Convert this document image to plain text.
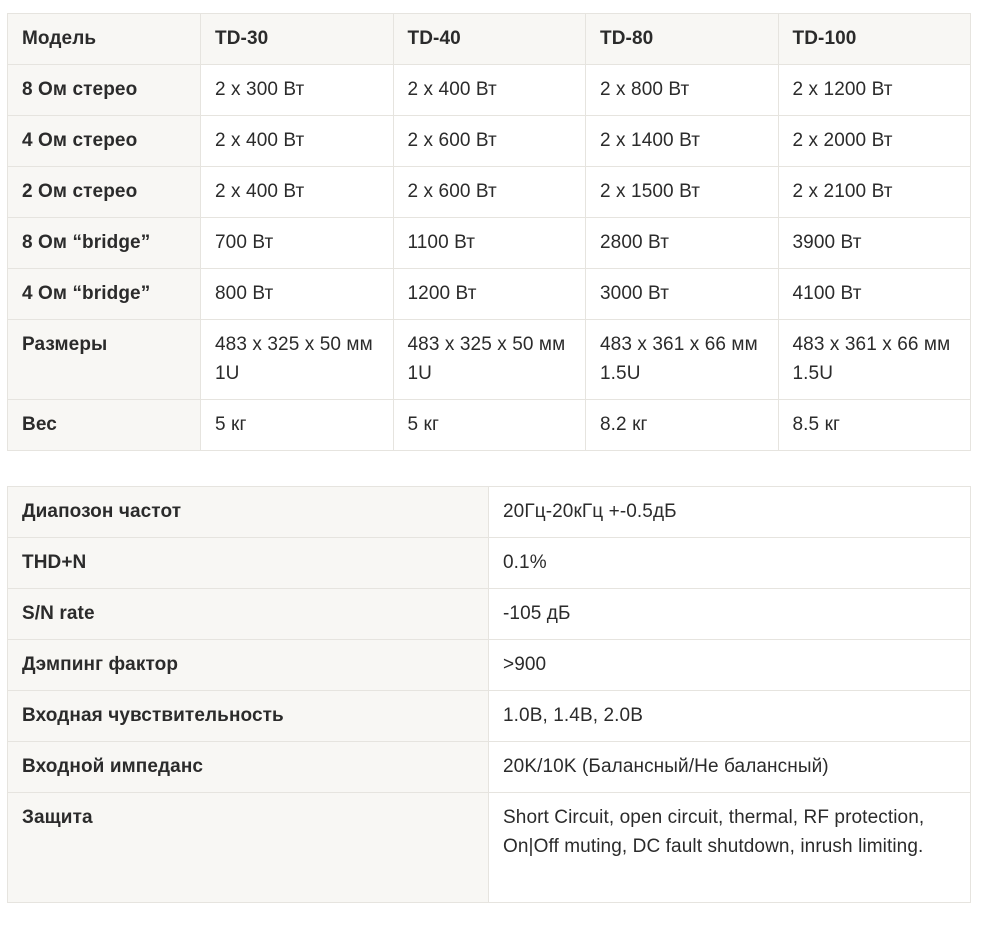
Модель	TD-30	TD-40	TD-80	TD-100
8 Ом стерео	2 x 300 Вт	2 x 400 Вт	2 x 800 Вт	2 x 1200 Вт
4 Ом стерео	2 x 400 Вт	2 x 600 Вт	2 x 1400 Вт	2 x 2000 Вт
2 Ом стерео	2 x 400 Вт	2 x 600 Вт	2 x 1500 Вт	2 x 2100 Вт
8 Ом “bridge”	700 Вт	1100 Вт	2800 Вт	3900 Вт
4 Ом “bridge”	800 Вт	1200 Вт	3000 Вт	4100 Вт
Размеры	483 x 325 x 50 мм 1U	483 x 325 x 50 мм 1U	483 x 361 x 66 мм 1.5U	483 x 361 x 66 мм 1.5U
Вес	5 кг	5 кг	8.2 кг	8.5 кг
Диапозон частот	20Гц-20кГц +-0.5дБ
THD+N	0.1%
S/N rate	-105 дБ
Дэмпинг фактор	>900
Входная чувствительность	1.0В, 1.4В, 2.0В
Входной импеданс	20K/10K (Балансный/Не балансный)
Защита	Short Circuit, open circuit, thermal, RF protection, On|Off muting, DC fault shutdown, inrush limiting.
